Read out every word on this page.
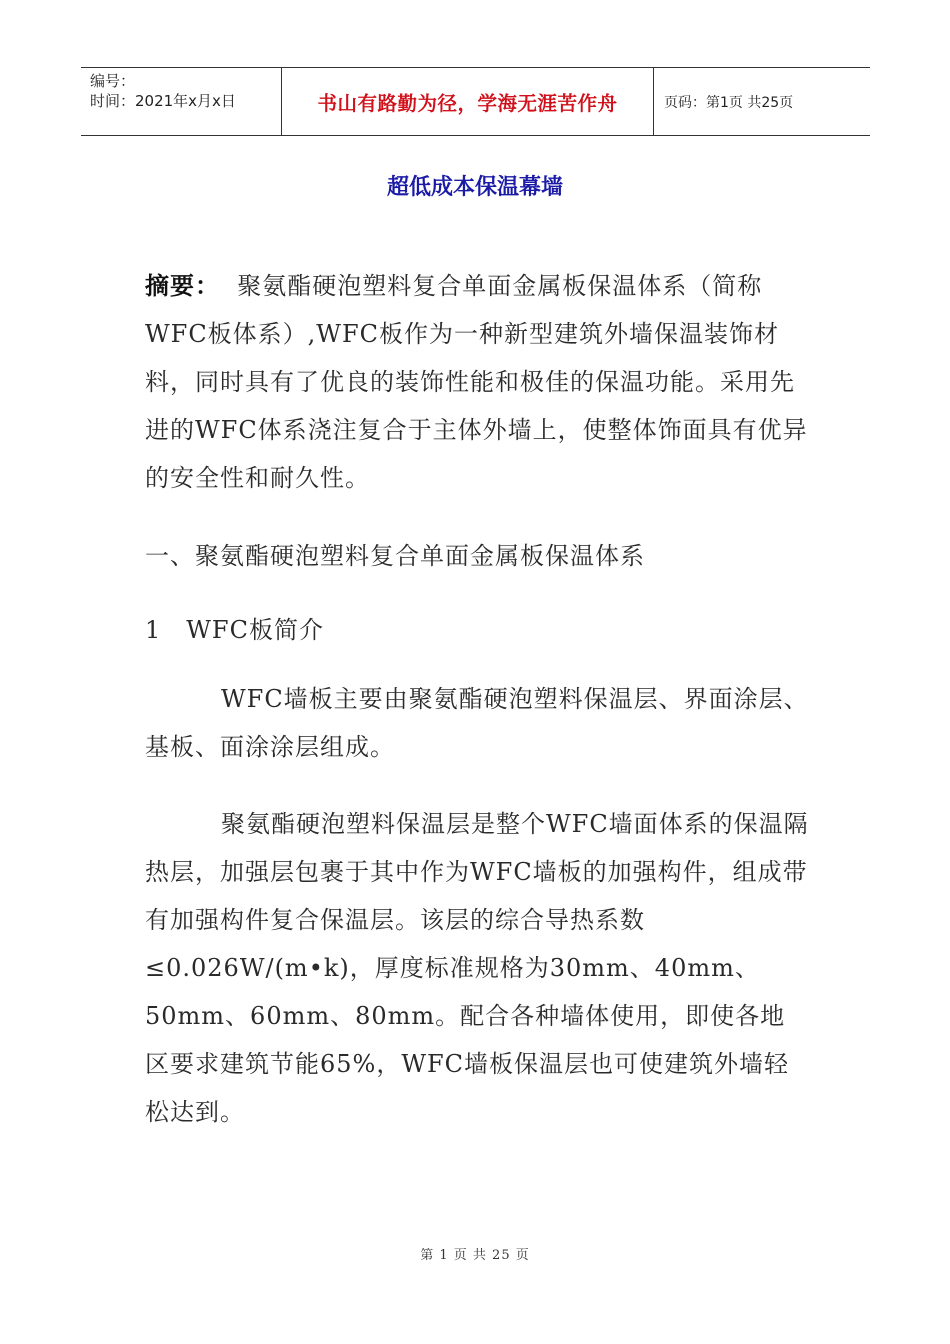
编号：
时间：2021年x月x日	书山有路勤为径，学海无涯苦作舟	页码：第1页 共25页
超低成本保温幕墙

摘要： 聚氨酯硬泡塑料复合单面金属板保温体系（简称WFC板体系）,WFC板作为一种新型建筑外墙保温装饰材料，同时具有了优良的装饰性能和极佳的保温功能。采用先进的WFC体系浇注复合于主体外墙上，使整体饰面具有优异的安全性和耐久性。

一、聚氨酯硬泡塑料复合单面金属板保温体系

1　WFC板简介

WFC墙板主要由聚氨酯硬泡塑料保温层、界面涂层、基板、面涂涂层组成。

聚氨酯硬泡塑料保温层是整个WFC墙面体系的保温隔热层，加强层包裹于其中作为WFC墙板的加强构件，组成带有加强构件复合保温层。该层的综合导热系数≤0.026W/(m•k)，厚度标准规格为30mm、40mm、50mm、60mm、80mm。配合各种墙体使用，即使各地区要求建筑节能65%，WFC墙板保温层也可使建筑外墙轻松达到。

第 1 页 共 25 页
